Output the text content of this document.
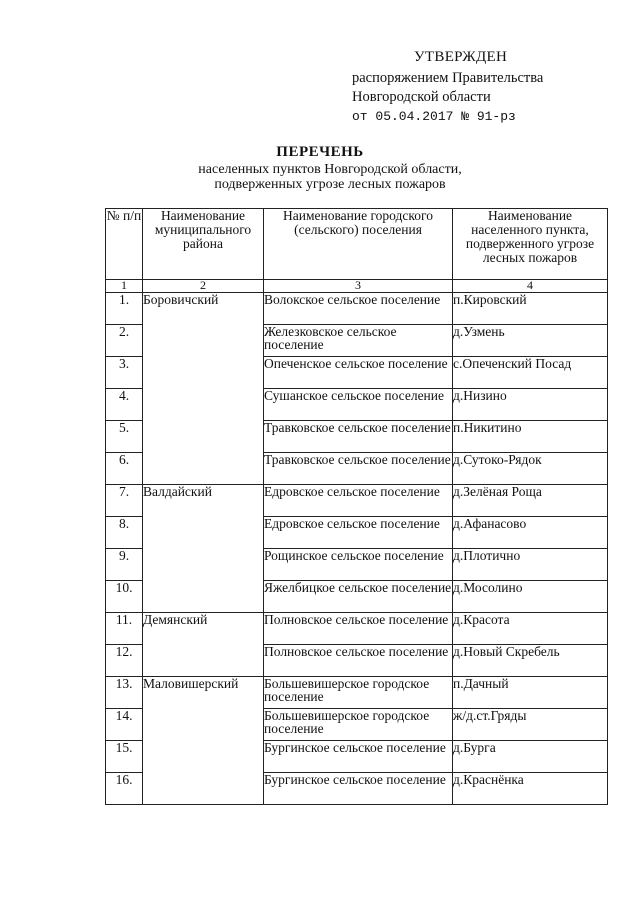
УТВЕРЖДЕН
распоряжением Правительства
Новгородской области
от 05.04.2017 № 91-рз
ПЕРЕЧЕНЬ
населенных пунктов Новгородской области, подверженных угрозе лесных пожаров
№ п/п	Наименование муниципального района	Наименование городского (сельского) поселения	Наименование населенного пункта, подверженного угрозе лесных пожаров
1	2	3	4
1.	Боровичский	Волокское сельское поселение	п.Кировский
2.		Железковское сельское поселение	д.Узмень
3.		Опеченское сельское поселение	с.Опеченский Посад
4.		Сушанское сельское поселение	д.Низино
5.		Травковское сельское поселение	п.Никитино
6.		Травковское сельское поселение	д.Сутоко-Рядок
7.	Валдайский	Едровское сельское поселение	д.Зелёная Роща
8.		Едровское сельское поселение	д.Афанасово
9.		Рощинское сельское поселение	д.Плотично
10.		Яжелбицкое сельское поселение	д.Мосолино
11.	Демянский	Полновское сельское поселение	д.Красота
12.		Полновское сельское поселение	д.Новый Скребель
13.	Маловишерский	Большевишерское городское поселение	п.Дачный
14.		Большевишерское городское поселение	ж/д.ст.Гряды
15.		Бургинское сельское поселение	д.Бурга
16.		Бургинское сельское поселение	д.Краснёнка
